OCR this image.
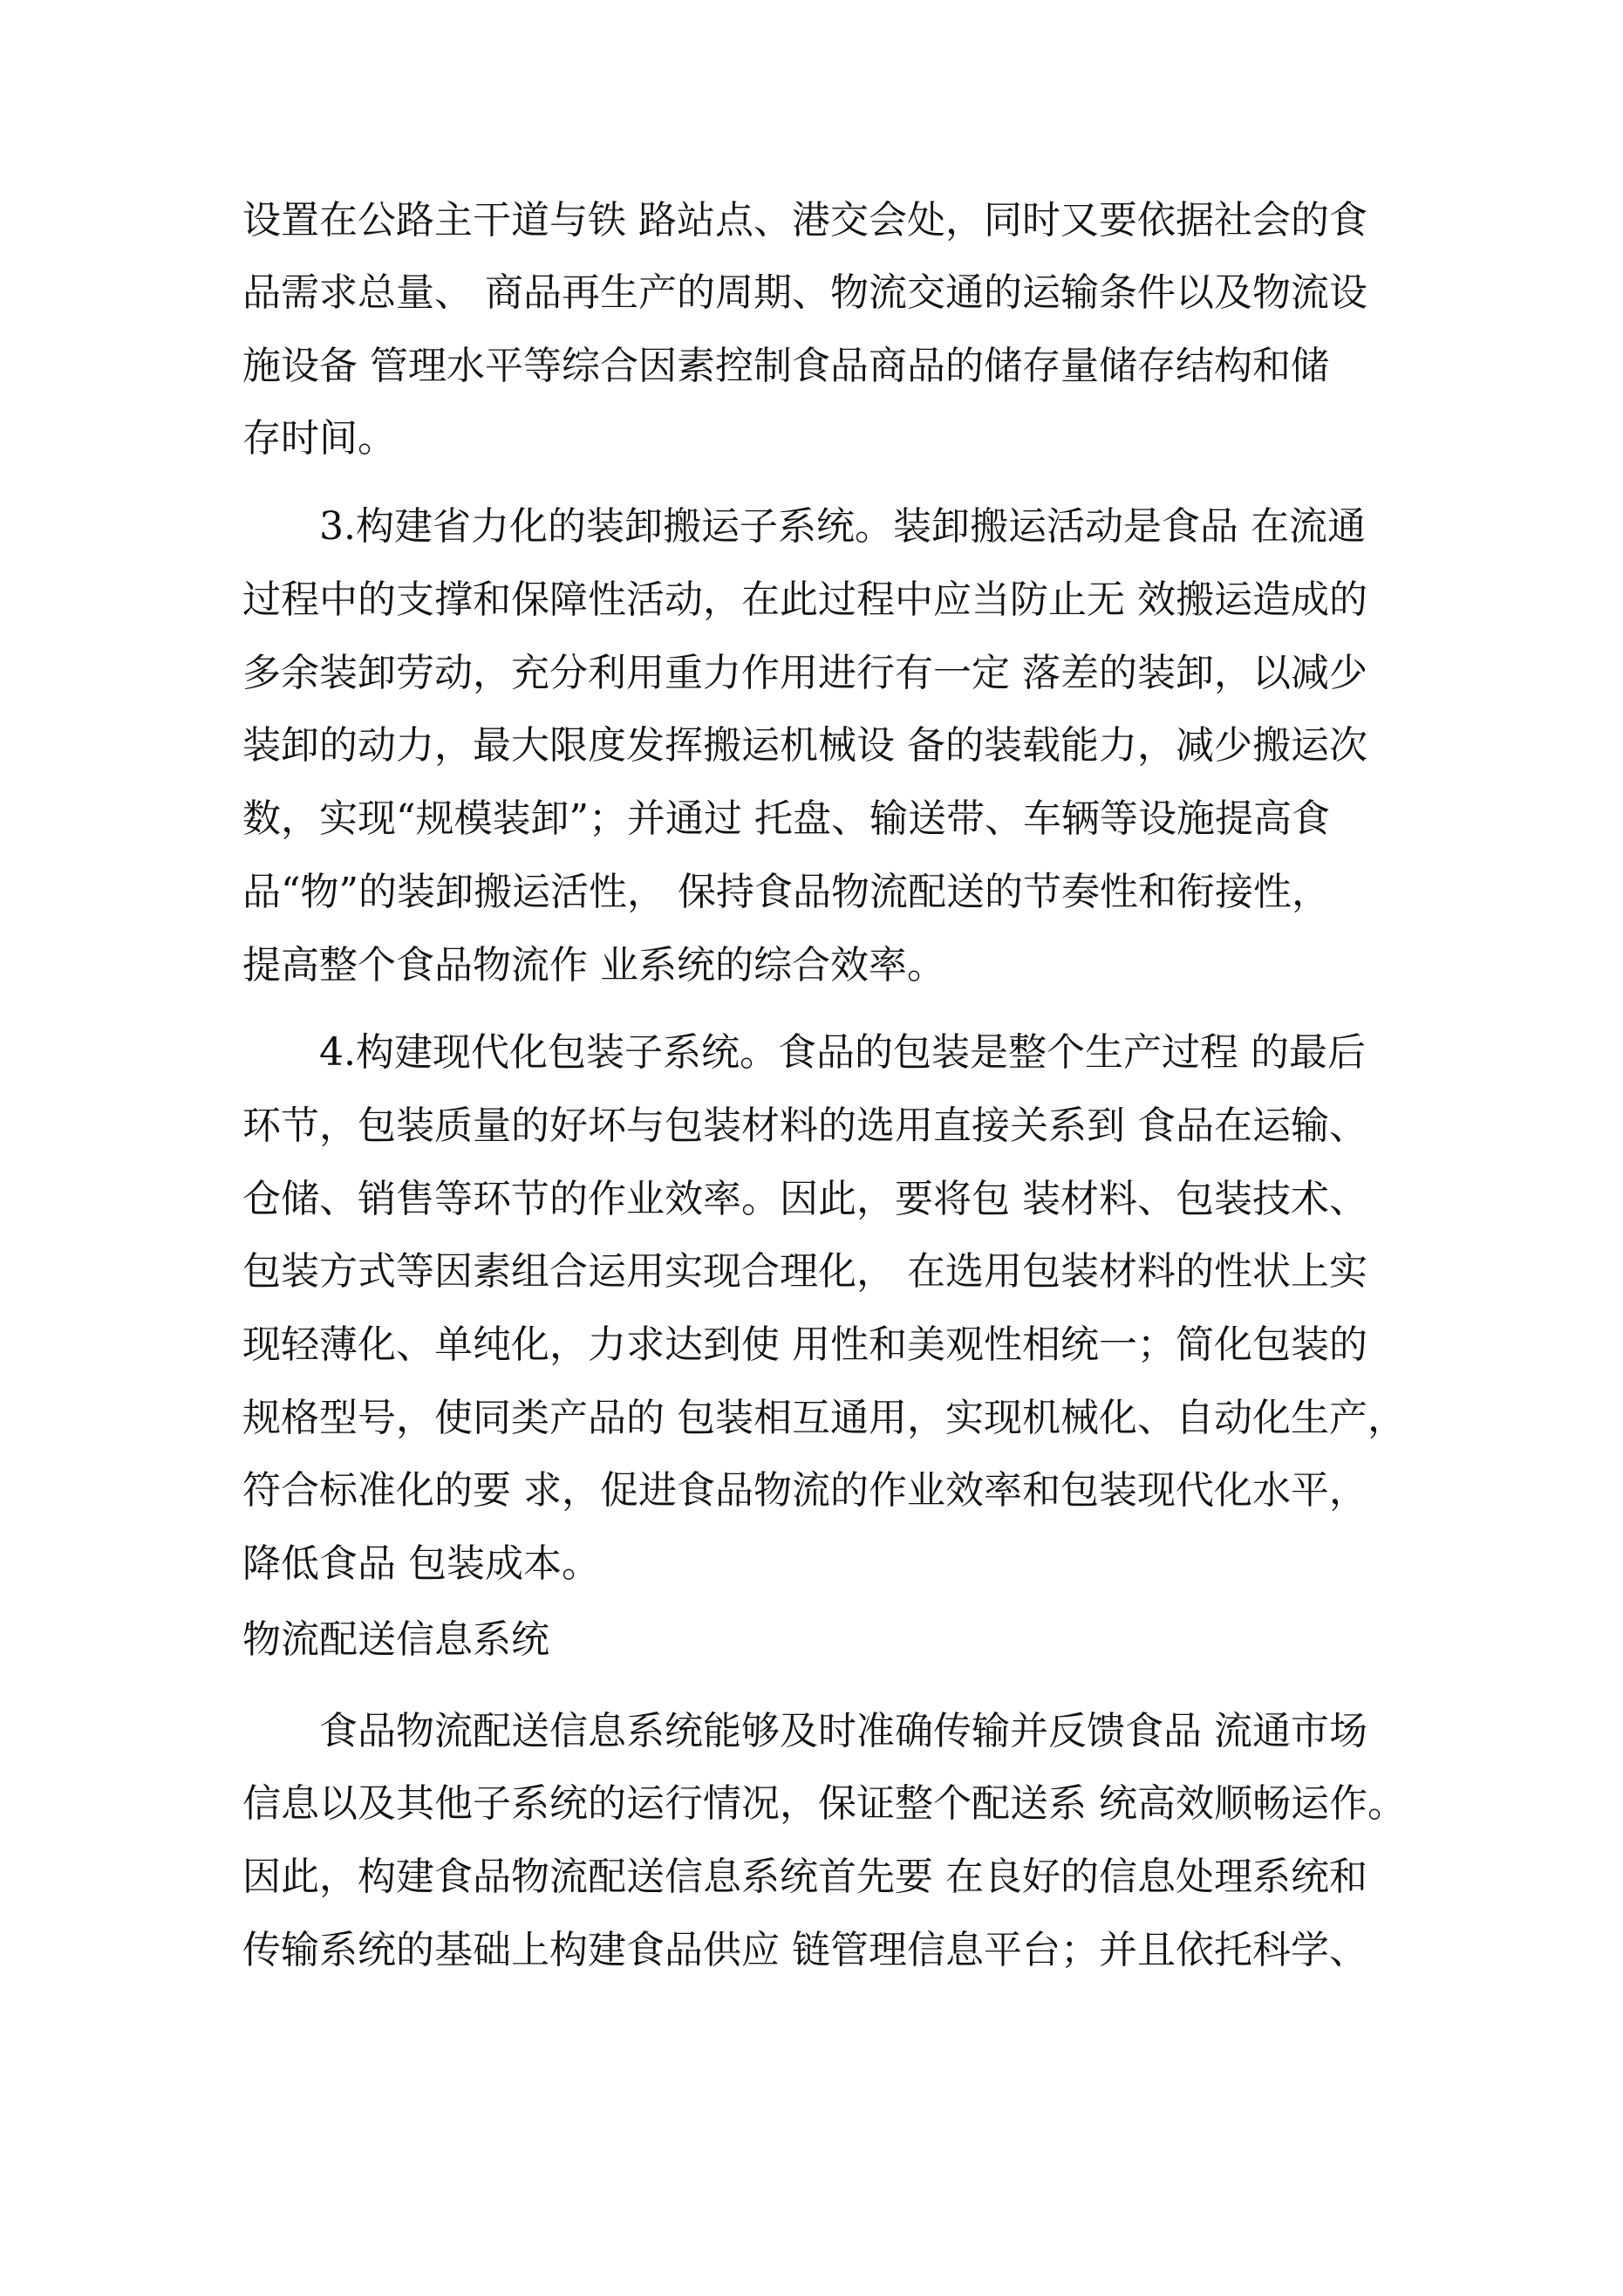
设置在公路主干道与铁 路站点、港交会处，同时又要依据社会的食
品需求总量、 商品再生产的周期、物流交通的运输条件以及物流设
施设备 管理水平等综合因素控制食品商品的储存量储存结构和储
存时间。
　　3.构建省力化的装卸搬运子系统。装卸搬运活动是食品 在流通
过程中的支撑和保障性活动，在此过程中应当防止无 效搬运造成的
多余装卸劳动，充分利用重力作用进行有一定 落差的装卸，以减少
装卸的动力，最大限度发挥搬运机械设 备的装载能力，减少搬运次
数，实现“规模装卸”；并通过 托盘、输送带、车辆等设施提高食
品“物”的装卸搬运活性， 保持食品物流配送的节奏性和衔接性，
提高整个食品物流作 业系统的综合效率。
　　4.构建现代化包装子系统。食品的包装是整个生产过程 的最后
环节，包装质量的好坏与包装材料的选用直接关系到 食品在运输、
仓储、销售等环节的作业效率。因此，要将包 装材料、包装技术、
包装方式等因素组合运用实现合理化， 在选用包装材料的性状上实
现轻薄化、单纯化，力求达到使 用性和美观性相统一；简化包装的
规格型号，使同类产品的 包装相互通用，实现机械化、自动化生产，
符合标准化的要 求，促进食品物流的作业效率和包装现代化水平，
降低食品 包装成本。
物流配送信息系统
　　食品物流配送信息系统能够及时准确传输并反馈食品 流通市场
信息以及其他子系统的运行情况，保证整个配送系 统高效顺畅运作。
因此，构建食品物流配送信息系统首先要 在良好的信息处理系统和
传输系统的基础上构建食品供应 链管理信息平台；并且依托科学、
